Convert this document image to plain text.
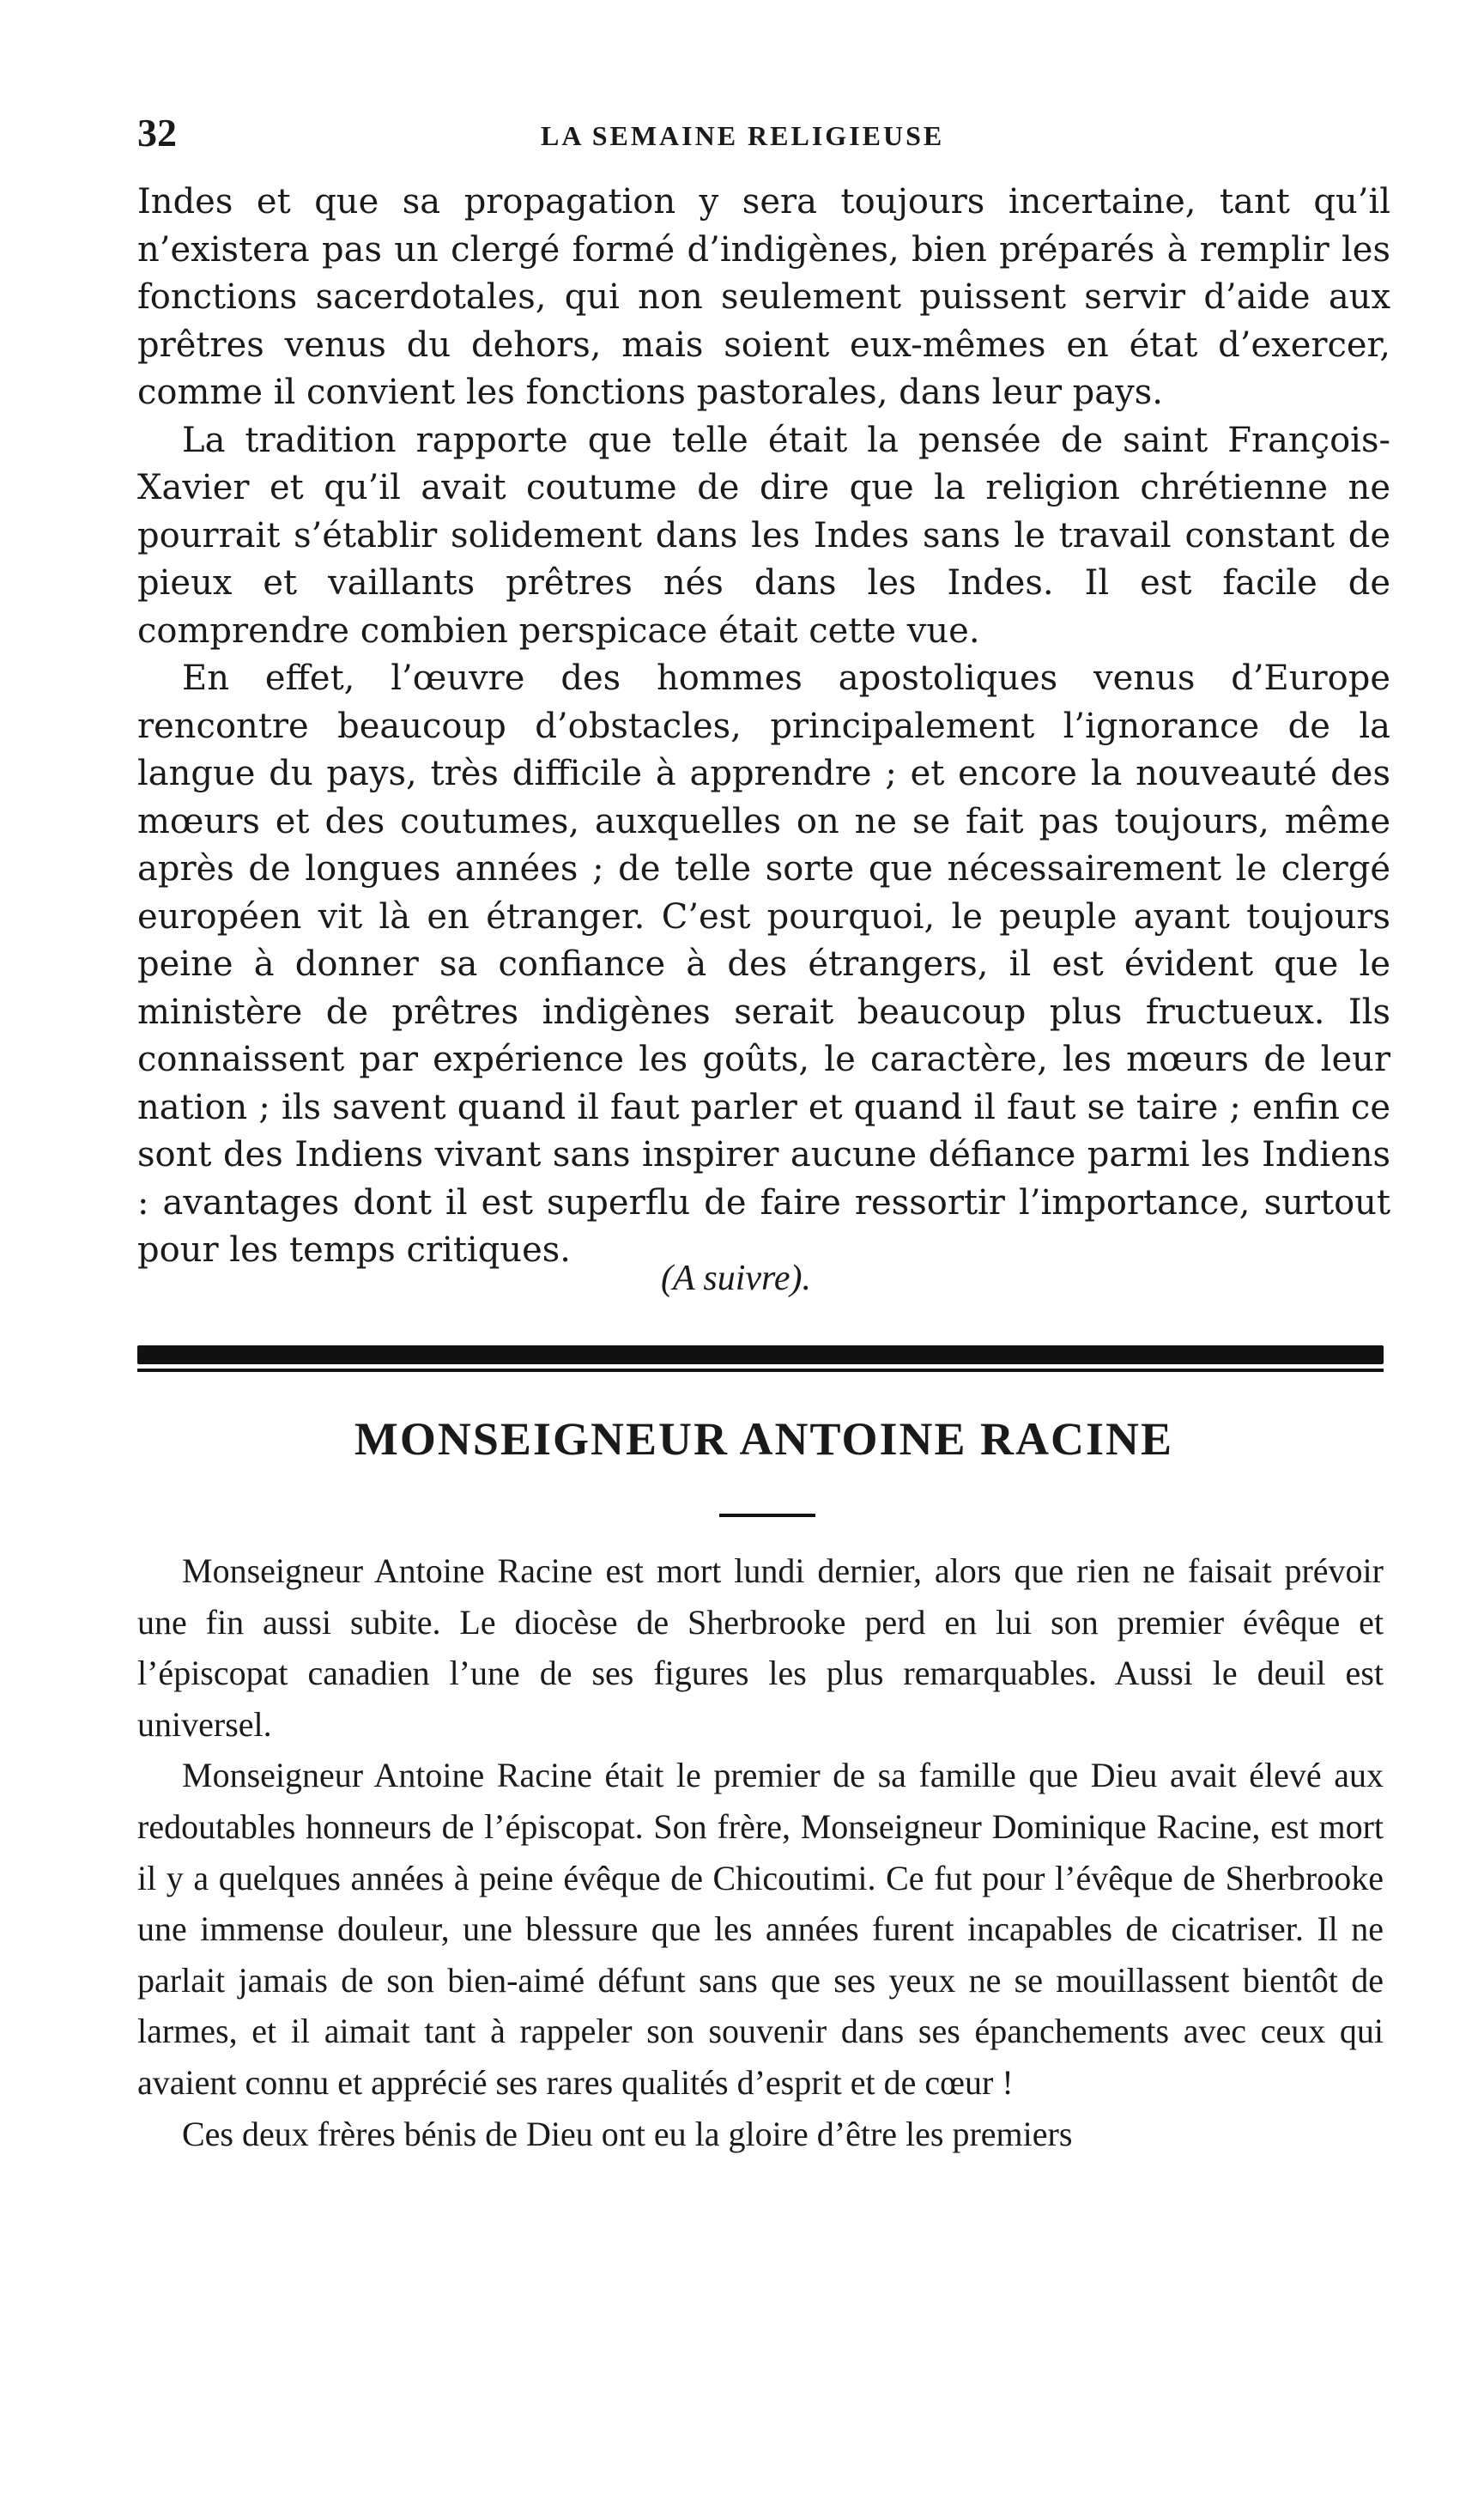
32	LA SEMAINE RELIGIEUSE

Indes et que sa propagation y sera toujours incertaine, tant qu’il n’existera pas un clergé formé d’indigènes, bien préparés à remplir les fonctions sacerdotales, qui non seulement puissent servir d’aide aux prêtres venus du dehors, mais soient eux-mêmes en état d’exercer, comme il convient les fonctions pastorales, dans leur pays.

La tradition rapporte que telle était la pensée de saint François-Xavier et qu’il avait coutume de dire que la religion chrétienne ne pourrait s’établir solidement dans les Indes sans le travail constant de pieux et vaillants prêtres nés dans les Indes. Il est facile de comprendre combien perspicace était cette vue.

En effet, l’œuvre des hommes apostoliques venus d’Europe rencontre beaucoup d’obstacles, principalement l’ignorance de la langue du pays, très difficile à apprendre ; et encore la nouveauté des mœurs et des coutumes, auxquelles on ne se fait pas toujours, même après de longues années ; de telle sorte que nécessairement le clergé européen vit là en étranger. C’est pourquoi, le peuple ayant toujours peine à donner sa confiance à des étrangers, il est évident que le ministère de prêtres indigènes serait beaucoup plus fructueux. Ils connaissent par expérience les goûts, le caractère, les mœurs de leur nation ; ils savent quand il faut parler et quand il faut se taire ; enfin ce sont des Indiens vivant sans inspirer aucune défiance parmi les Indiens : avantages dont il est superflu de faire ressortir l’importance, surtout pour les temps critiques.

(A suivre).
MONSEIGNEUR ANTOINE RACINE

Monseigneur Antoine Racine est mort lundi dernier, alors que rien ne faisait prévoir une fin aussi subite. Le diocèse de Sherbrooke perd en lui son premier évêque et l’épiscopat canadien l’une de ses figures les plus remarquables. Aussi le deuil est universel.

Monseigneur Antoine Racine était le premier de sa famille que Dieu avait élevé aux redoutables honneurs de l’épiscopat. Son frère, Monseigneur Dominique Racine, est mort il y a quelques années à peine évêque de Chicoutimi. Ce fut pour l’évêque de Sherbrooke une immense douleur, une blessure que les années furent incapables de cicatriser. Il ne parlait jamais de son bien-aimé défunt sans que ses yeux ne se mouillassent bientôt de larmes, et il aimait tant à rappeler son souvenir dans ses épanchements avec ceux qui avaient connu et apprécié ses rares qualités d’esprit et de cœur !

Ces deux frères bénis de Dieu ont eu la gloire d’être les premiers
